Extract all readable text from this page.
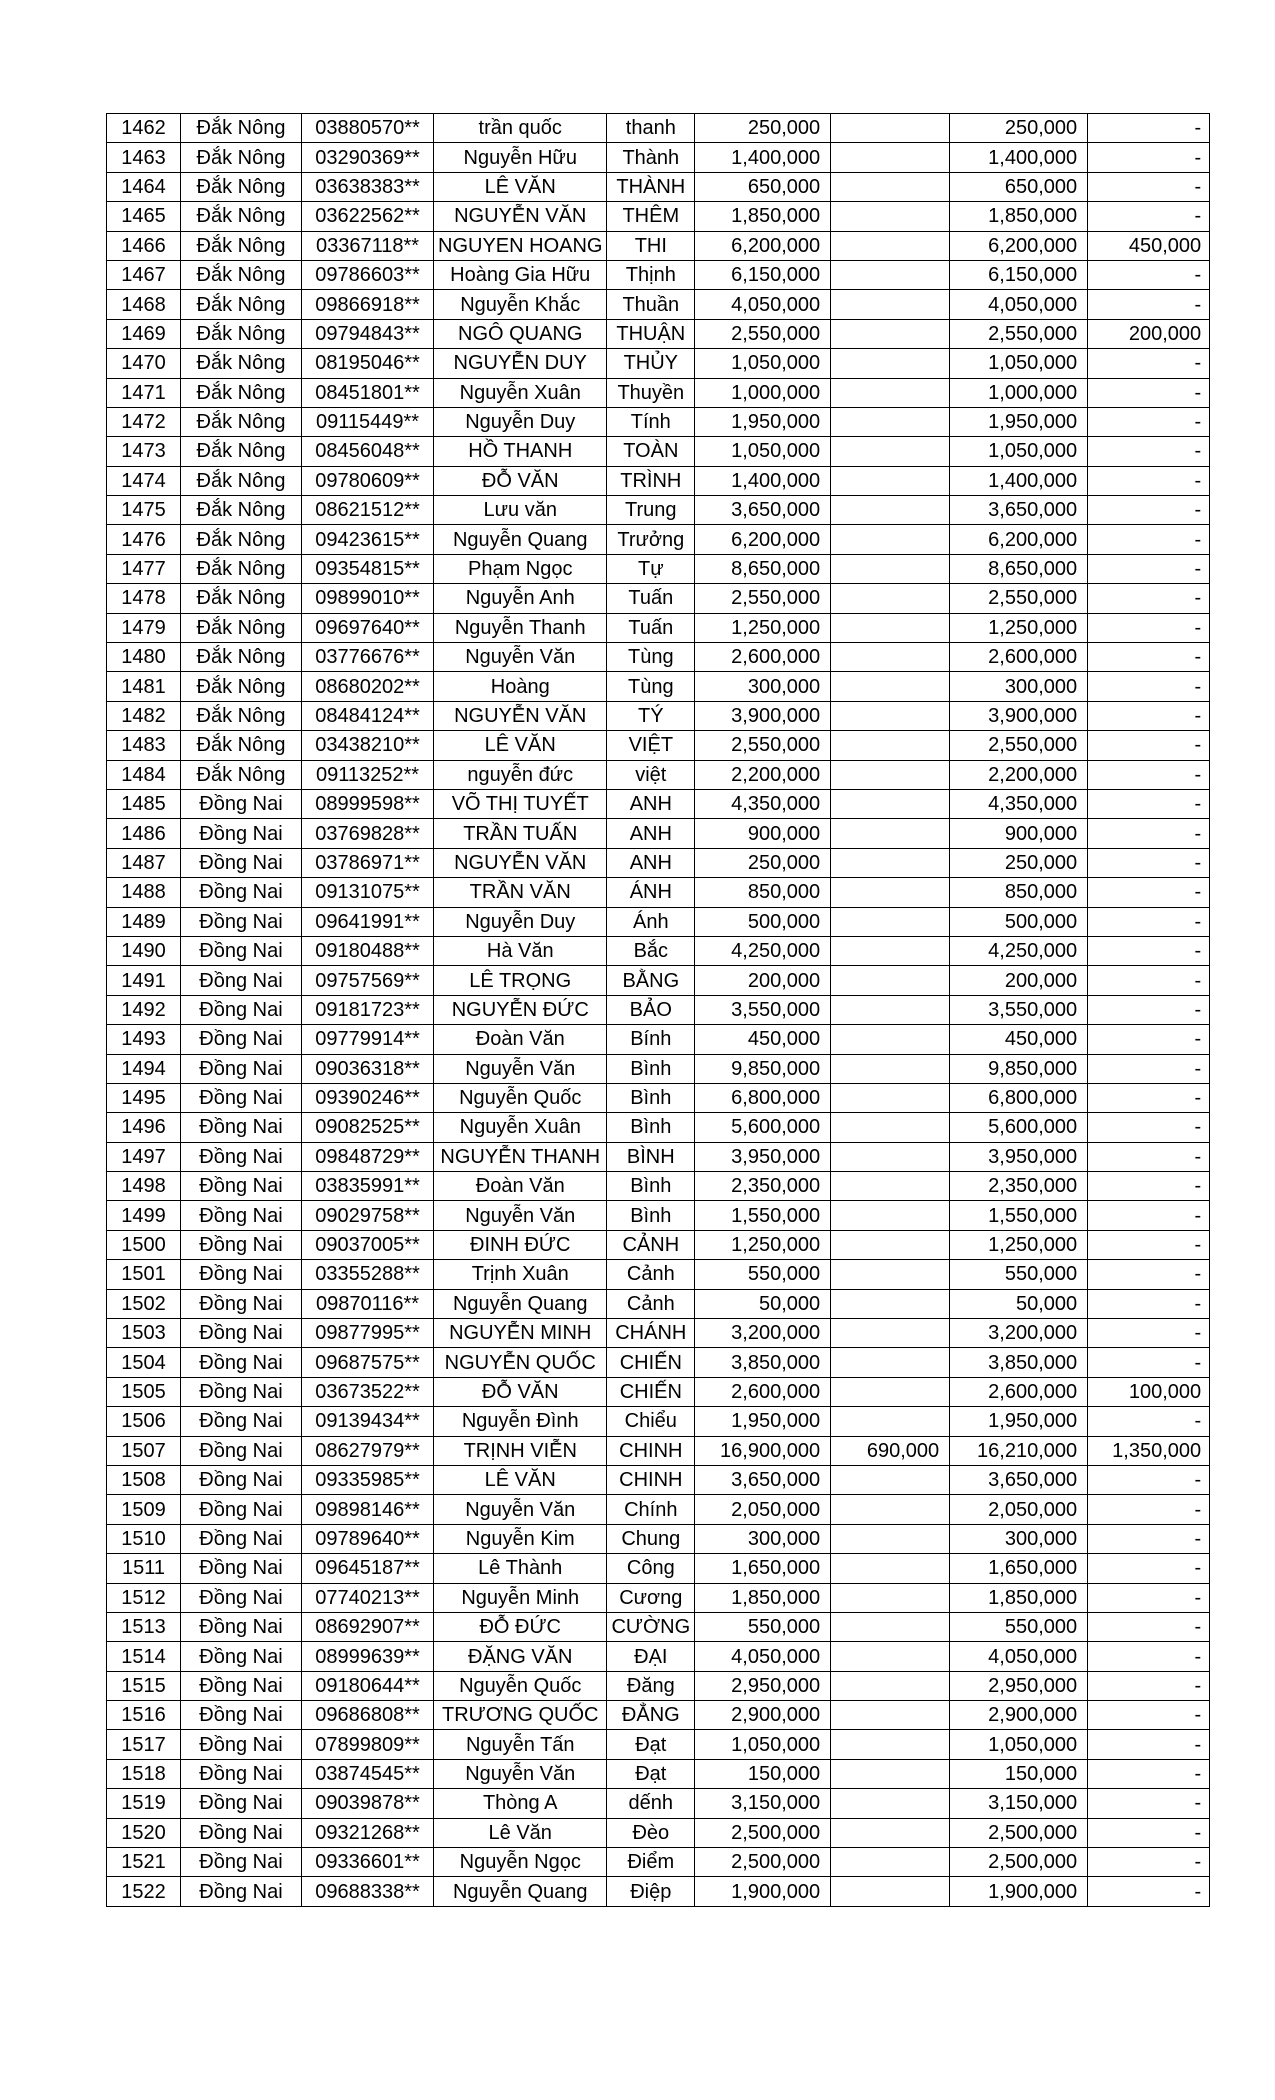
1462	Đắk Nông	03880570**	trần quốc	thanh	250,000		250,000	-
1463	Đắk Nông	03290369**	Nguyễn Hữu	Thành	1,400,000		1,400,000	-
1464	Đắk Nông	03638383**	LÊ VĂN	THÀNH	650,000		650,000	-
1465	Đắk Nông	03622562**	NGUYỄN VĂN	THÊM	1,850,000		1,850,000	-
1466	Đắk Nông	03367118**	NGUYEN HOANG	THI	6,200,000		6,200,000	450,000
1467	Đắk Nông	09786603**	Hoàng Gia Hữu	Thịnh	6,150,000		6,150,000	-
1468	Đắk Nông	09866918**	Nguyễn Khắc	Thuần	4,050,000		4,050,000	-
1469	Đắk Nông	09794843**	NGÔ QUANG	THUẬN	2,550,000		2,550,000	200,000
1470	Đắk Nông	08195046**	NGUYỄN DUY	THỦY	1,050,000		1,050,000	-
1471	Đắk Nông	08451801**	Nguyễn Xuân	Thuyền	1,000,000		1,000,000	-
1472	Đắk Nông	09115449**	Nguyễn Duy	Tính	1,950,000		1,950,000	-
1473	Đắk Nông	08456048**	HỒ THANH	TOÀN	1,050,000		1,050,000	-
1474	Đắk Nông	09780609**	ĐỖ VĂN	TRÌNH	1,400,000		1,400,000	-
1475	Đắk Nông	08621512**	Lưu văn	Trung	3,650,000		3,650,000	-
1476	Đắk Nông	09423615**	Nguyễn Quang	Trưởng	6,200,000		6,200,000	-
1477	Đắk Nông	09354815**	Phạm Ngọc	Tự	8,650,000		8,650,000	-
1478	Đắk Nông	09899010**	Nguyễn Anh	Tuấn	2,550,000		2,550,000	-
1479	Đắk Nông	09697640**	Nguyễn Thanh	Tuấn	1,250,000		1,250,000	-
1480	Đắk Nông	03776676**	Nguyễn Văn	Tùng	2,600,000		2,600,000	-
1481	Đắk Nông	08680202**	Hoàng	Tùng	300,000		300,000	-
1482	Đắk Nông	08484124**	NGUYỄN VĂN	TÝ	3,900,000		3,900,000	-
1483	Đắk Nông	03438210**	LÊ VĂN	VIỆT	2,550,000		2,550,000	-
1484	Đắk Nông	09113252**	nguyễn đức	việt	2,200,000		2,200,000	-
1485	Đồng Nai	08999598**	VÕ THỊ TUYẾT	ANH	4,350,000		4,350,000	-
1486	Đồng Nai	03769828**	TRẦN TUẤN	ANH	900,000		900,000	-
1487	Đồng Nai	03786971**	NGUYỄN VĂN	ANH	250,000		250,000	-
1488	Đồng Nai	09131075**	TRẦN VĂN	ÁNH	850,000		850,000	-
1489	Đồng Nai	09641991**	Nguyễn Duy	Ánh	500,000		500,000	-
1490	Đồng Nai	09180488**	Hà Văn	Bắc	4,250,000		4,250,000	-
1491	Đồng Nai	09757569**	LÊ TRỌNG	BẰNG	200,000		200,000	-
1492	Đồng Nai	09181723**	NGUYỄN ĐỨC	BẢO	3,550,000		3,550,000	-
1493	Đồng Nai	09779914**	Đoàn Văn	Bính	450,000		450,000	-
1494	Đồng Nai	09036318**	Nguyễn Văn	Bình	9,850,000		9,850,000	-
1495	Đồng Nai	09390246**	Nguyễn Quốc	Bình	6,800,000		6,800,000	-
1496	Đồng Nai	09082525**	Nguyễn Xuân	Bình	5,600,000		5,600,000	-
1497	Đồng Nai	09848729**	NGUYỄN THANH	BÌNH	3,950,000		3,950,000	-
1498	Đồng Nai	03835991**	Đoàn Văn	Bình	2,350,000		2,350,000	-
1499	Đồng Nai	09029758**	Nguyễn Văn	Bình	1,550,000		1,550,000	-
1500	Đồng Nai	09037005**	ĐINH ĐỨC	CẢNH	1,250,000		1,250,000	-
1501	Đồng Nai	03355288**	Trịnh Xuân	Cảnh	550,000		550,000	-
1502	Đồng Nai	09870116**	Nguyễn Quang	Cảnh	50,000		50,000	-
1503	Đồng Nai	09877995**	NGUYỄN MINH	CHÁNH	3,200,000		3,200,000	-
1504	Đồng Nai	09687575**	NGUYỄN QUỐC	CHIẾN	3,850,000		3,850,000	-
1505	Đồng Nai	03673522**	ĐỖ VĂN	CHIẾN	2,600,000		2,600,000	100,000
1506	Đồng Nai	09139434**	Nguyễn Đình	Chiểu	1,950,000		1,950,000	-
1507	Đồng Nai	08627979**	TRỊNH VIỄN	CHINH	16,900,000	690,000	16,210,000	1,350,000
1508	Đồng Nai	09335985**	LÊ VĂN	CHINH	3,650,000		3,650,000	-
1509	Đồng Nai	09898146**	Nguyễn Văn	Chính	2,050,000		2,050,000	-
1510	Đồng Nai	09789640**	Nguyễn Kim	Chung	300,000		300,000	-
1511	Đồng Nai	09645187**	Lê Thành	Công	1,650,000		1,650,000	-
1512	Đồng Nai	07740213**	Nguyễn Minh	Cương	1,850,000		1,850,000	-
1513	Đồng Nai	08692907**	ĐỖ ĐỨC	CƯỜNG	550,000		550,000	-
1514	Đồng Nai	08999639**	ĐẶNG VĂN	ĐẠI	4,050,000		4,050,000	-
1515	Đồng Nai	09180644**	Nguyễn Quốc	Đăng	2,950,000		2,950,000	-
1516	Đồng Nai	09686808**	TRƯƠNG QUỐC	ĐẲNG	2,900,000		2,900,000	-
1517	Đồng Nai	07899809**	Nguyễn Tấn	Đạt	1,050,000		1,050,000	-
1518	Đồng Nai	03874545**	Nguyễn Văn	Đạt	150,000		150,000	-
1519	Đồng Nai	09039878**	Thòng A	dếnh	3,150,000		3,150,000	-
1520	Đồng Nai	09321268**	Lê Văn	Đèo	2,500,000		2,500,000	-
1521	Đồng Nai	09336601**	Nguyễn Ngọc	Điểm	2,500,000		2,500,000	-
1522	Đồng Nai	09688338**	Nguyễn Quang	Điệp	1,900,000		1,900,000	-
